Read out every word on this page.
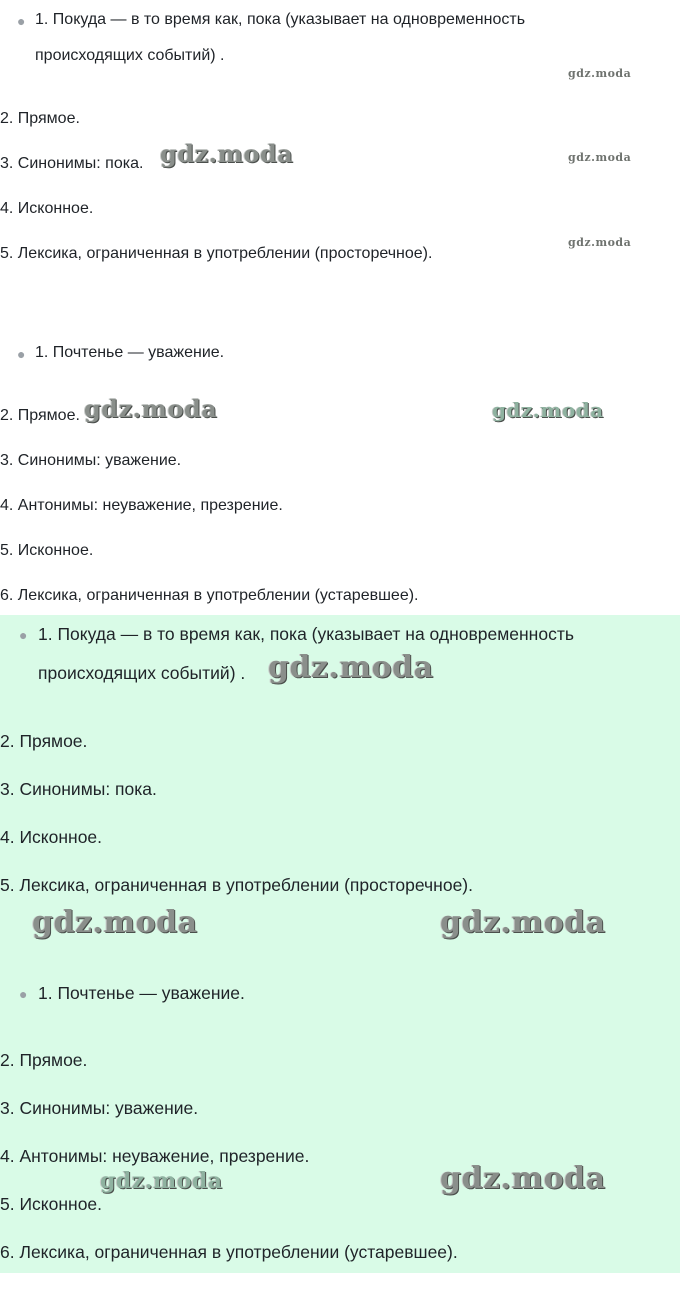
● 1. Покуда — в то время как, пока (указывает на одновременность
происходящих событий) .
2. Прямое.
3. Синонимы: пока.
4. Исконное.
5. Лексика, ограниченная в употреблении (просторечное).
● 1. Почтенье — уважение.
2. Прямое.
3. Синонимы: уважение.
4. Антонимы: неуважение, презрение.
5. Исконное.
6. Лексика, ограниченная в употреблении (устаревшее).
● 1. Покуда — в то время как, пока (указывает на одновременность
происходящих событий) .
2. Прямое.
3. Синонимы: пока.
4. Исконное.
5. Лексика, ограниченная в употреблении (просторечное).
● 1. Почтенье — уважение.
2. Прямое.
3. Синонимы: уважение.
4. Антонимы: неуважение, презрение.
5. Исконное.
6. Лексика, ограниченная в употреблении (устаревшее).
gdz.moda
gdz.moda	gdz.moda
gdz.moda
gdz.moda	gdz.moda
gdz.moda
gdz.moda	gdz.moda
gdz.moda	gdz.moda
